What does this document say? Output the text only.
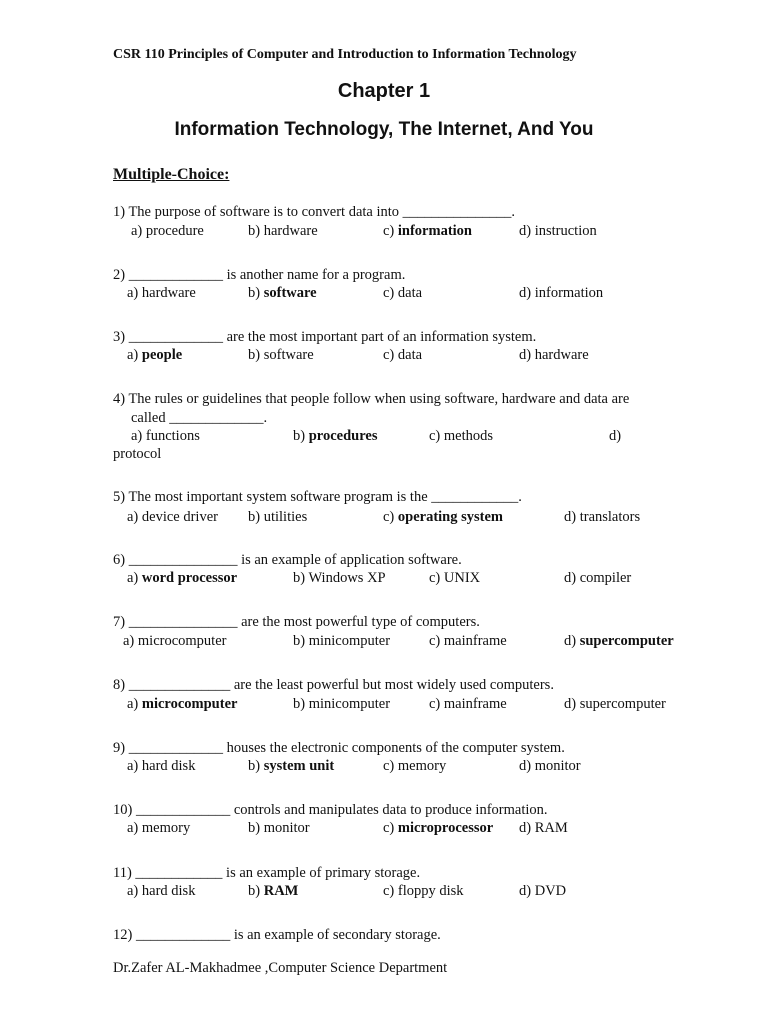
CSR 110 Principles of Computer and Introduction to Information Technology
Chapter 1
Information Technology, The Internet, And You
Multiple-Choice:
1) The purpose of software is to convert data into _______________.
a) procedure	b) hardware	c) information	d) instruction
2) _____________ is another name for a program.
a) hardware	b) software	c) data	d) information
3) _____________ are the most important part of an information system.
a) people	b) software	c) data	d) hardware
4) The rules or guidelines that people follow when using software, hardware and data are
called _____________.
a) functions	b) procedures	c) methods	d)
protocol
5) The most important system software program is the ____________.
a) device driver b) utilities	c) operating system	d) translators
6) _______________ is an example of application software.
a) word processor	b) Windows XP	c) UNIX	d) compiler
7) _______________ are the most powerful type of computers.
a) microcomputer	b) minicomputer	c) mainframe	d) supercomputer
8) ______________ are the least powerful but most widely used computers.
a) microcomputer	b) minicomputer	c) mainframe	d) supercomputer
9) _____________ houses the electronic components of the computer system.
a) hard disk	b) system unit	c) memory	d) monitor
10) _____________ controls and manipulates data to produce information.
a) memory	b) monitor	c) microprocessor d) RAM
11) ____________ is an example of primary storage.
a) hard disk	b) RAM	c) floppy disk	d) DVD
12) _____________ is an example of secondary storage.
Dr.Zafer AL-Makhadmee ,Computer Science Department
